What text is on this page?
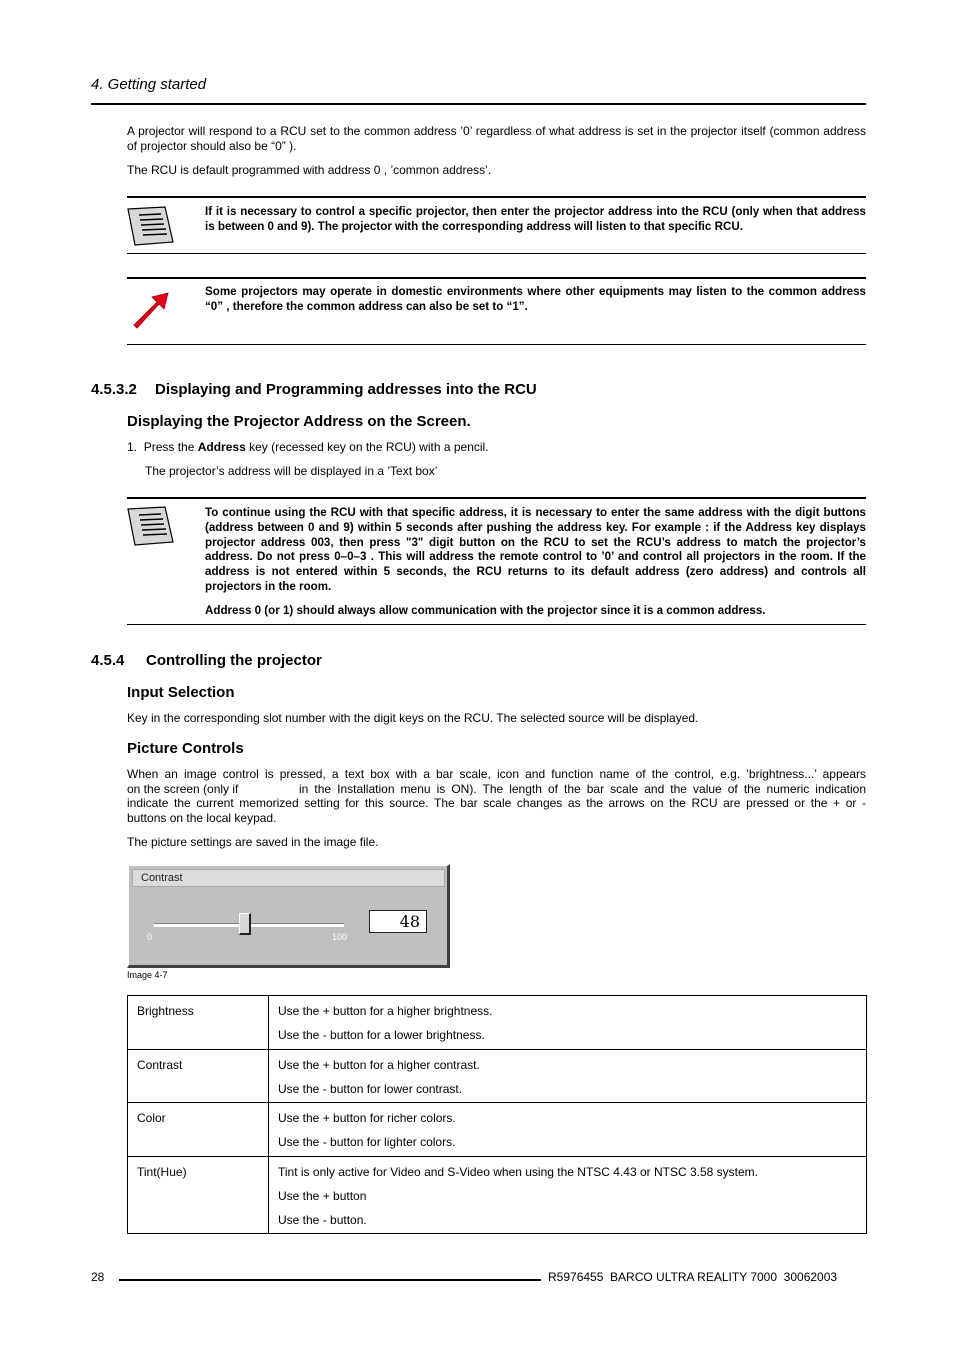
4. Getting started
A projector will respond to a RCU set to the common address ’0’ regardless of what address is set in the projector itself (common address of projector should also be “0” ).
The RCU is default programmed with address 0 , ’common address’.
If it is necessary to control a specific projector, then enter the projector address into the RCU (only when that address is between 0 and 9). The projector with the corresponding address will listen to that specific RCU.
Some projectors may operate in domestic environments where other equipments may listen to the common address “0” , therefore the common address can also be set to “1”.
4.5.3.2 Displaying and Programming addresses into the RCU
Displaying the Projector Address on the Screen.
1. Press the Address key (recessed key on the RCU) with a pencil.
The projector’s address will be displayed in a ’Text box’
To continue using the RCU with that specific address, it is necessary to enter the same address with the digit buttons (address between 0 and 9) within 5 seconds after pushing the address key. For example : if the Address key displays projector address 003, then press "3" digit button on the RCU to set the RCU’s address to match the projector’s address. Do not press 0–0–3 . This will address the remote control to ’0’ and control all projectors in the room. If the address is not entered within 5 seconds, the RCU returns to its default address (zero address) and controls all projectors in the room.
Address 0 (or 1) should always allow communication with the projector since it is a common address.
4.5.4 Controlling the projector
Input Selection
Key in the corresponding slot number with the digit keys on the RCU. The selected source will be displayed.
Picture Controls
When an image control is pressed, a text box with a bar scale, icon and function name of the control, e.g. ’brightness...’ appears
on the screen (only if	in the Installation menu is ON). The length of the bar scale and the value of the numeric indication
indicate the current memorized setting for this source. The bar scale changes as the arrows on the RCU are pressed or the + or -
buttons on the local keypad.
The picture settings are saved in the image file.
Contrast
0	100
48
Image 4-7

Brightness	Use the + button for a higher brightness.

Use the - button for a lower brightness.

Contrast	Use the + button for a higher contrast.

Use the - button for lower contrast.

Color	Use the + button for richer colors.

Use the - button for lighter colors.

Tint(Hue)	Tint is only active for Video and S-Video when using the NTSC 4.43 or NTSC 3.58 system.

Use the + button

Use the - button.

28	R5976455  BARCO ULTRA REALITY 7000  30062003
